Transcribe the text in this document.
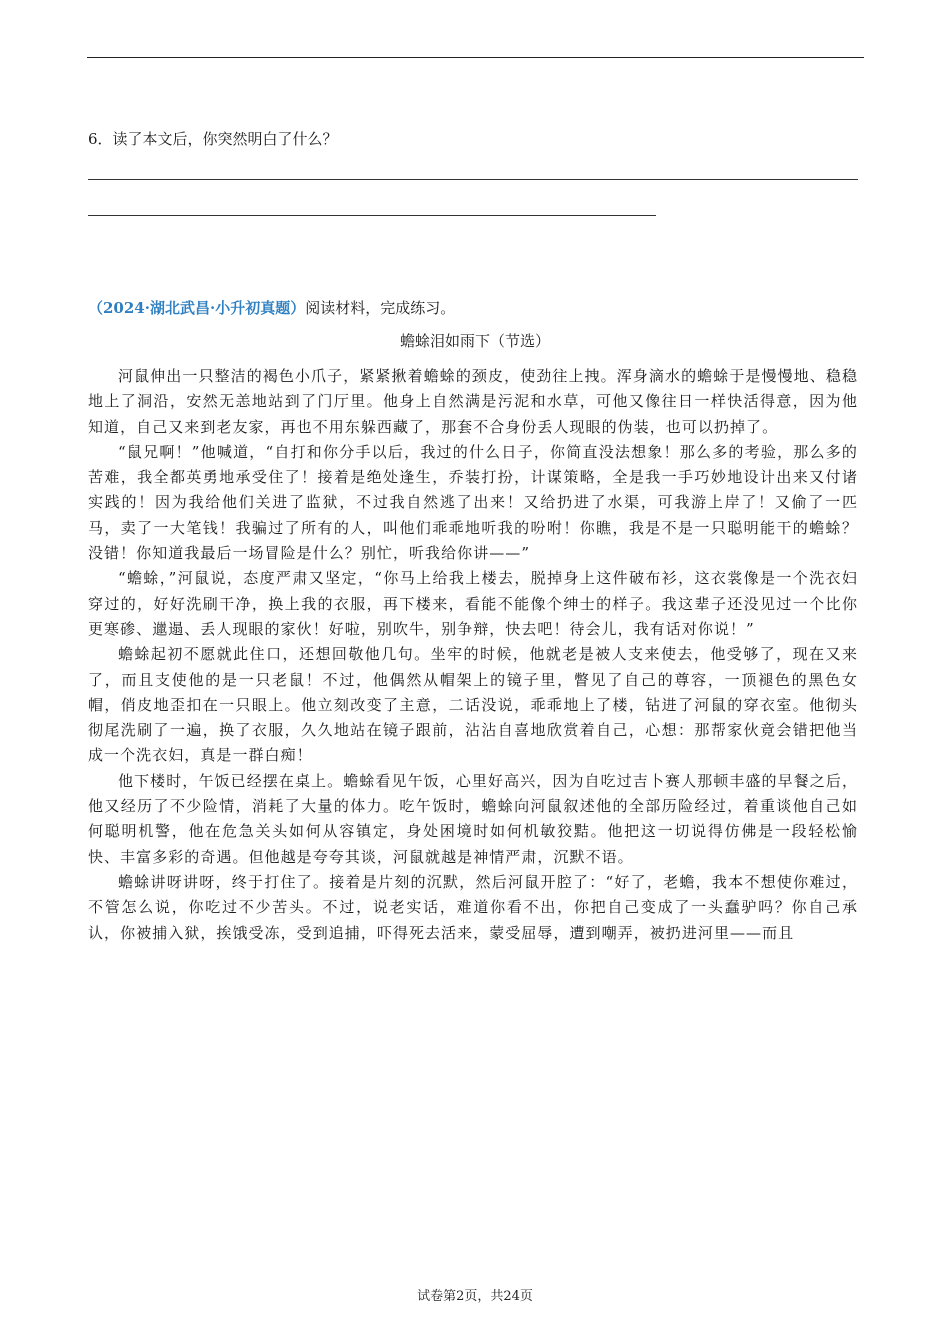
6．读了本文后，你突然明白了什么？
（2024·湖北武昌·小升初真题）阅读材料，完成练习。
蟾蜍泪如雨下（节选）

河鼠伸出一只整洁的褐色小爪子，紧紧揪着蟾蜍的颈皮，使劲往上拽。浑身滴水的蟾蜍于是慢慢地、稳稳地上了洞沿，安然无恙地站到了门厅里。他身上自然满是污泥和水草，可他又像往日一样快活得意，因为他知道，自己又来到老友家，再也不用东躲西藏了，那套不合身份丢人现眼的伪装，也可以扔掉了。

“鼠兄啊！”他喊道，“自打和你分手以后，我过的什么日子，你简直没法想象！那么多的考验，那么多的苦难，我全都英勇地承受住了！接着是绝处逢生，乔装打扮，计谋策略，全是我一手巧妙地设计出来又付诸实践的！因为我给他们关进了监狱，不过我自然逃了出来！又给扔进了水渠，可我游上岸了！又偷了一匹马，卖了一大笔钱！我骗过了所有的人，叫他们乖乖地听我的吩咐！你瞧，我是不是一只聪明能干的蟾蜍？没错！你知道我最后一场冒险是什么？别忙，听我给你讲——”

“蟾蜍，”河鼠说，态度严肃又坚定，“你马上给我上楼去，脱掉身上这件破布衫，这衣裳像是一个洗衣妇穿过的，好好洗刷干净，换上我的衣服，再下楼来，看能不能像个绅士的样子。我这辈子还没见过一个比你更寒碜、邋遢、丢人现眼的家伙！好啦，别吹牛，别争辩，快去吧！待会儿，我有话对你说！”

蟾蜍起初不愿就此住口，还想回敬他几句。坐牢的时候，他就老是被人支来使去，他受够了，现在又来了，而且支使他的是一只老鼠！不过，他偶然从帽架上的镜子里，瞥见了自己的尊容，一顶褪色的黑色女帽，俏皮地歪扣在一只眼上。他立刻改变了主意，二话没说，乖乖地上了楼，钻进了河鼠的穿衣室。他彻头彻尾洗刷了一遍，换了衣服，久久地站在镜子跟前，沾沾自喜地欣赏着自己，心想：那帮家伙竟会错把他当成一个洗衣妇，真是一群白痴！

他下楼时，午饭已经摆在桌上。蟾蜍看见午饭，心里好高兴，因为自吃过吉卜赛人那顿丰盛的早餐之后，他又经历了不少险情，消耗了大量的体力。吃午饭时，蟾蜍向河鼠叙述他的全部历险经过，着重谈他自己如何聪明机警，他在危急关头如何从容镇定，身处困境时如何机敏狡黠。他把这一切说得仿佛是一段轻松愉快、丰富多彩的奇遇。但他越是夸夸其谈，河鼠就越是神情严肃，沉默不语。

蟾蜍讲呀讲呀，终于打住了。接着是片刻的沉默，然后河鼠开腔了：“好了，老蟾，我本不想使你难过，不管怎么说，你吃过不少苦头。不过，说老实话，难道你看不出，你把自己变成了一头蠢驴吗？你自己承认，你被捕入狱，挨饿受冻，受到追捕，吓得死去活来，蒙受屈辱，遭到嘲弄，被扔进河里——而且

试卷第2页，共24页
